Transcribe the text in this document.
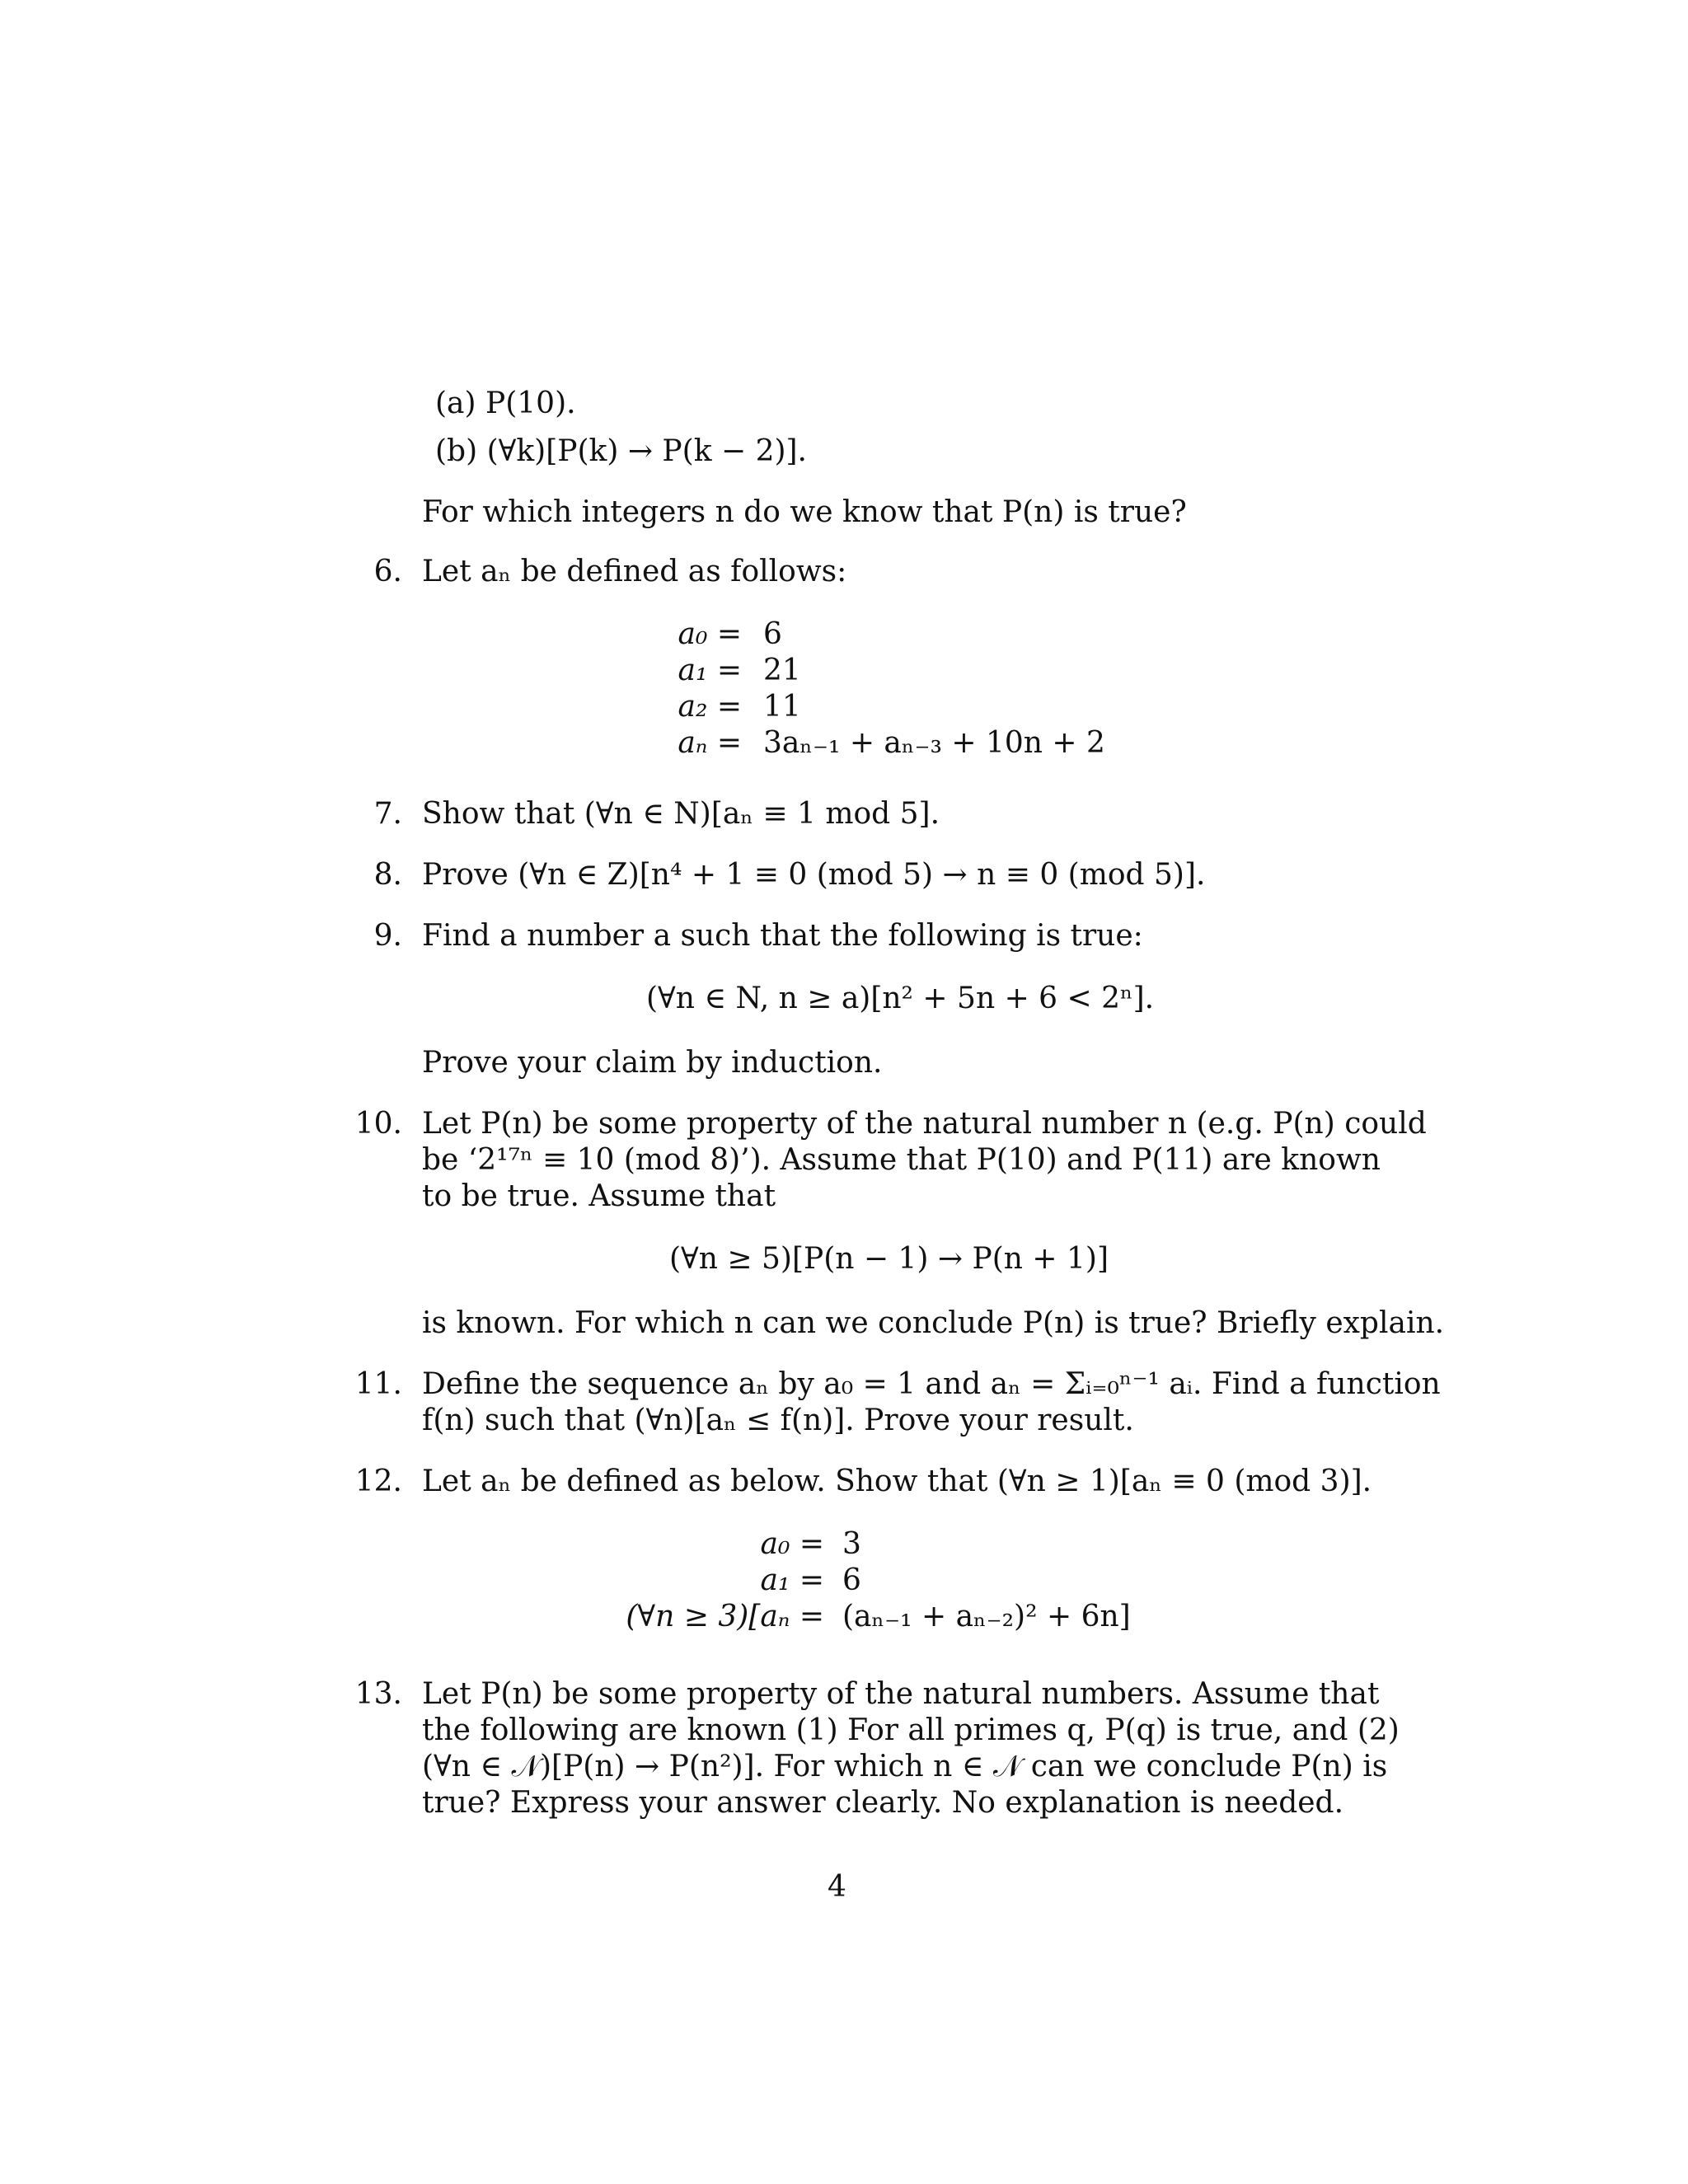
(a) P(10).
(b) (∀k)[P(k) → P(k − 2)].
For which integers n do we know that P(n) is true?
6. Let aₙ be defined as follows:
a₀ = 6
a₁ = 21
a₂ = 11
aₙ = 3aₙ₋₁ + aₙ₋₃ + 10n + 2
7. Show that (∀n ∈ N)[aₙ ≡ 1 mod 5].
8. Prove (∀n ∈ Z)[n⁴ + 1 ≡ 0 (mod 5) → n ≡ 0 (mod 5)].
9. Find a number a such that the following is true:
(∀n ∈ N, n ≥ a)[n² + 5n + 6 < 2ⁿ].
Prove your claim by induction.
10. Let P(n) be some property of the natural number n (e.g. P(n) could
be ‘2¹⁷ⁿ ≡ 10 (mod 8)’). Assume that P(10) and P(11) are known
to be true. Assume that
(∀n ≥ 5)[P(n − 1) → P(n + 1)]
is known. For which n can we conclude P(n) is true? Briefly explain.
11. Define the sequence aₙ by a₀ = 1 and aₙ = Σᵢ₌₀ⁿ⁻¹ aᵢ. Find a function
f(n) such that (∀n)[aₙ ≤ f(n)]. Prove your result.
12. Let aₙ be defined as below. Show that (∀n ≥ 1)[aₙ ≡ 0 (mod 3)].
a₀ = 3
a₁ = 6
(∀n ≥ 3)[aₙ = (aₙ₋₁ + aₙ₋₂)² + 6n]
13. Let P(n) be some property of the natural numbers. Assume that
the following are known (1) For all primes q, P(q) is true, and (2)
(∀n ∈ 𝒩)[P(n) → P(n²)]. For which n ∈ 𝒩 can we conclude P(n) is
true? Express your answer clearly. No explanation is needed.
4
